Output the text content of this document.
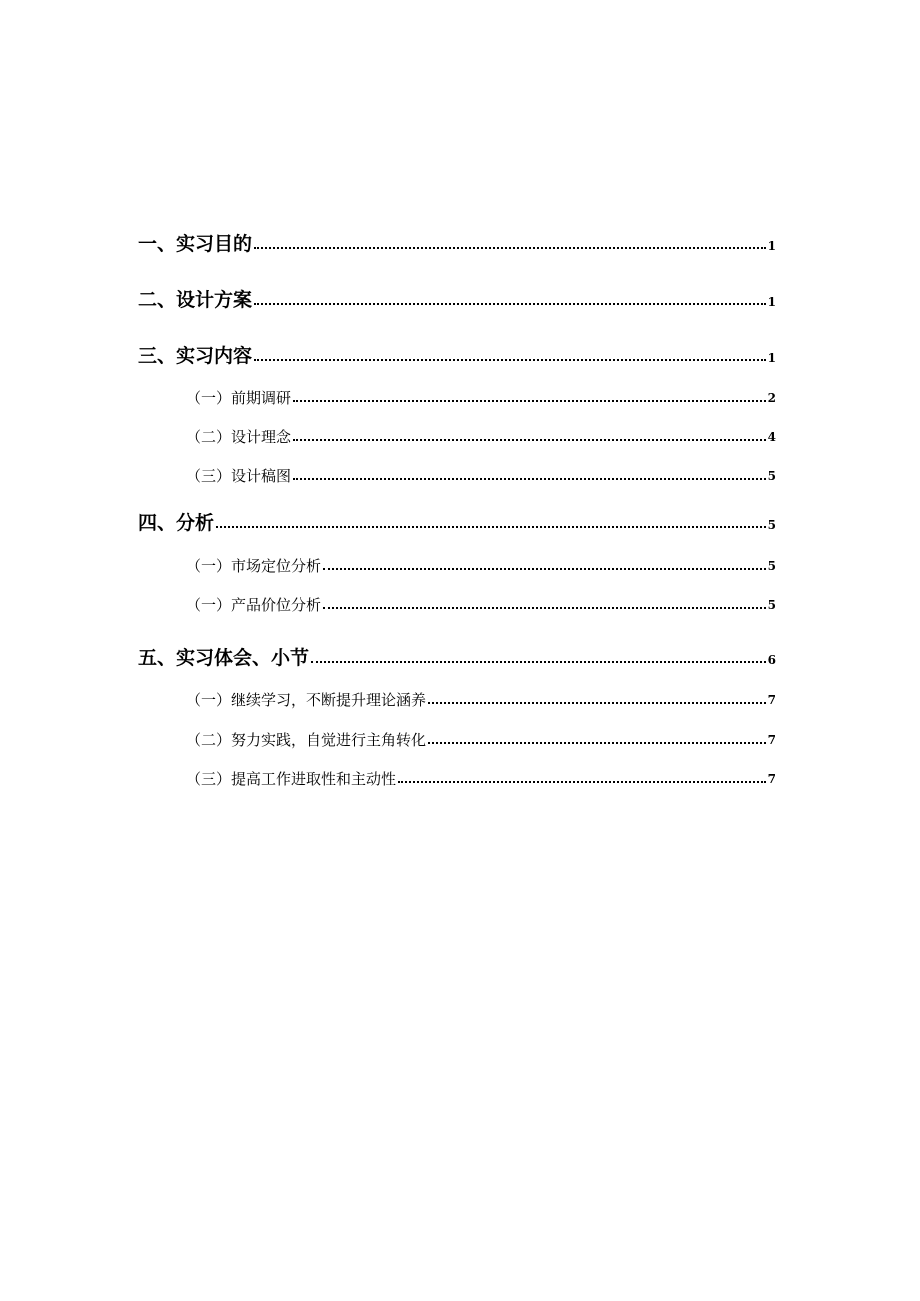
一、实习目的	1
二、设计方案	1
三、实习内容	1
（一）前期调研	2
（二）设计理念	4
（三）设计稿图	5
四、分析	5
（一）市场定位分析	5
（一）产品价位分析	5
五、实习体会、小节	6
（一）继续学习，不断提升理论涵养	7
（二）努力实践，自觉进行主角转化	7
（三）提高工作进取性和主动性	7
